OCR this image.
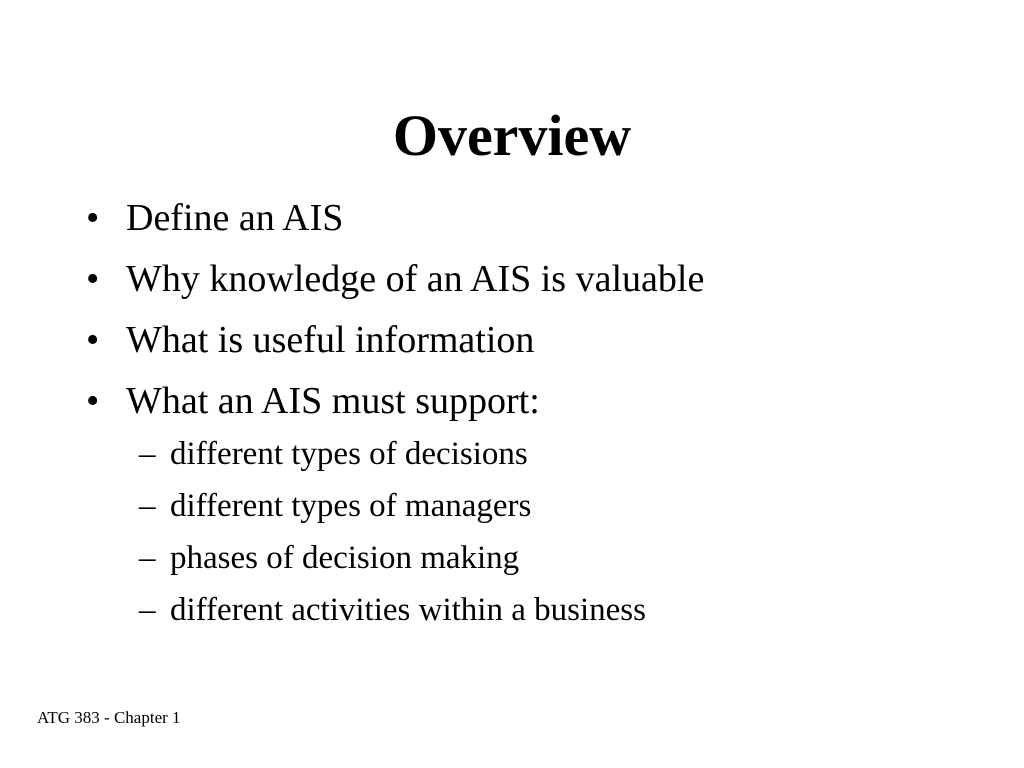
Overview
• Define an AIS
• Why knowledge of an AIS is valuable
• What is useful information
• What an AIS must support:
– different types of decisions
– different types of managers
– phases of decision making
– different activities within a business
ATG 383 - Chapter 1
